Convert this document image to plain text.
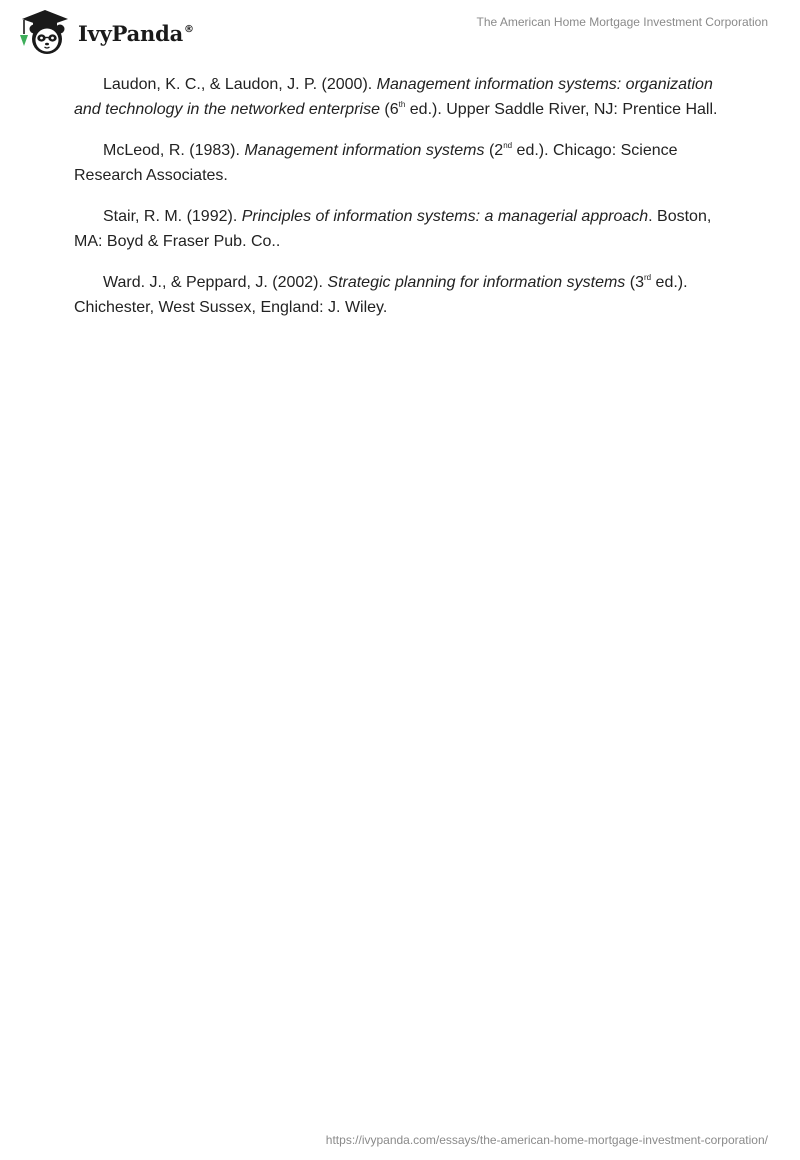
IvyPanda®	The American Home Mortgage Investment Corporation

Laudon, K. C., & Laudon, J. P. (2000). Management information systems: organization and technology in the networked enterprise (6th ed.). Upper Saddle River, NJ: Prentice Hall.

McLeod, R. (1983). Management information systems (2nd ed.). Chicago: Science Research Associates.

Stair, R. M. (1992). Principles of information systems: a managerial approach. Boston, MA: Boyd & Fraser Pub. Co..

Ward. J., & Peppard, J. (2002). Strategic planning for information systems (3rd ed.). Chichester, West Sussex, England: J. Wiley.

https://ivypanda.com/essays/the-american-home-mortgage-investment-corporation/
